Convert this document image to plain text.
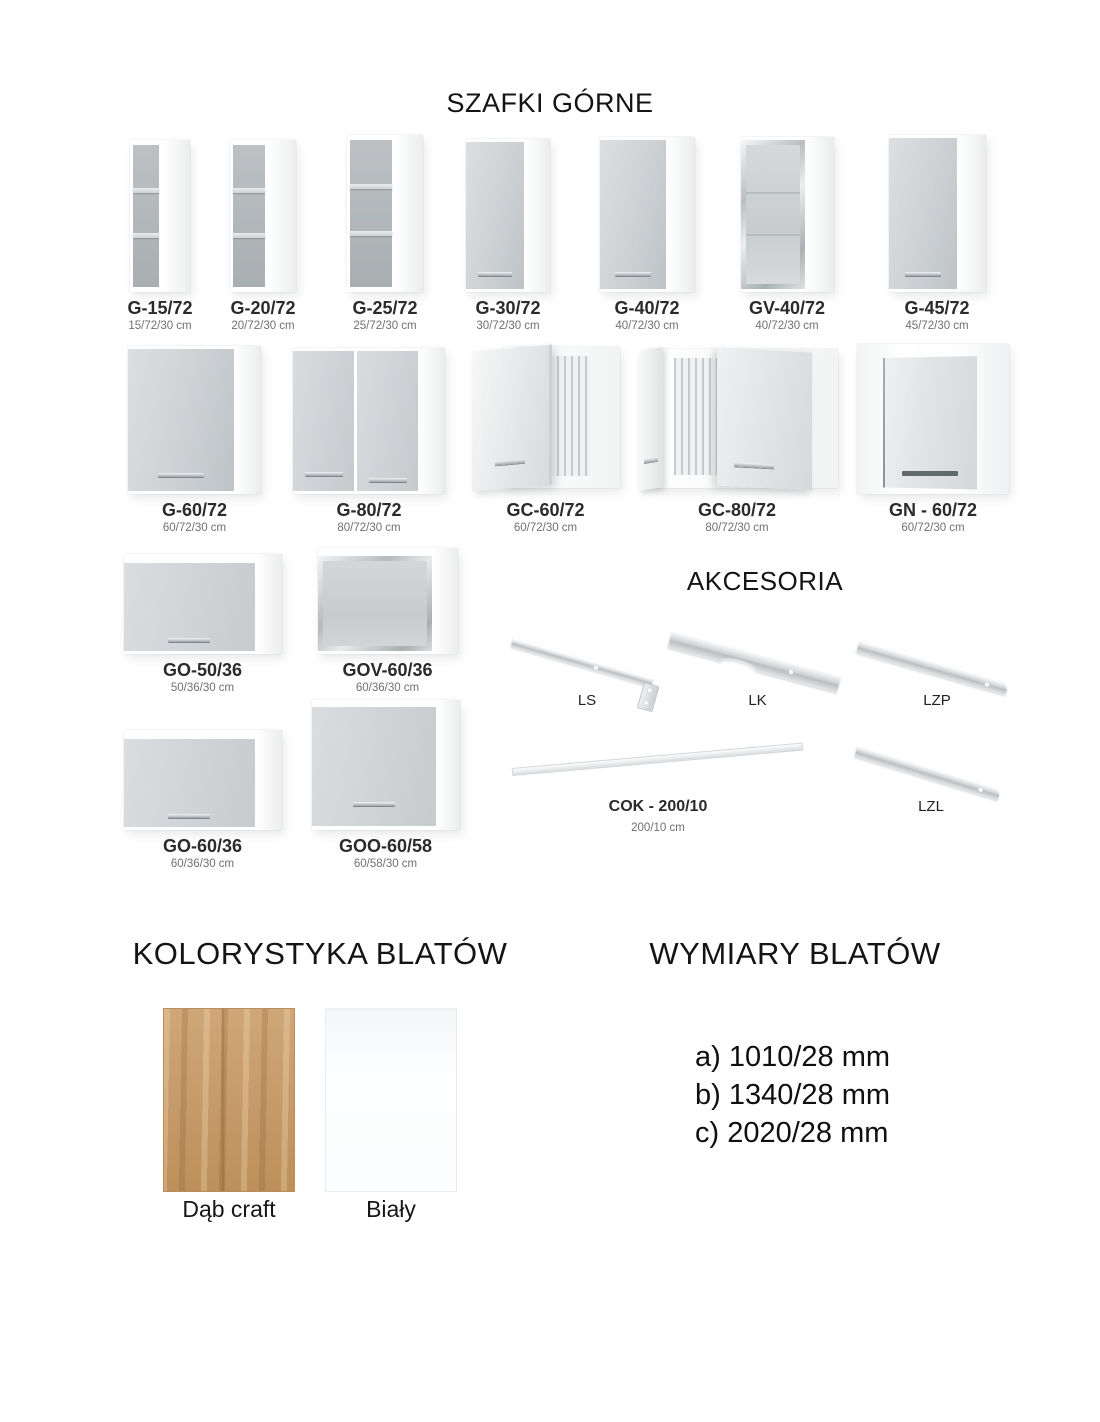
SZAFKI GÓRNE
G-15/72
15/72/30 cm
G-20/72
20/72/30 cm
G-25/72
25/72/30 cm
G-30/72
30/72/30 cm
G-40/72
40/72/30 cm
GV-40/72
40/72/30 cm
G-45/72
45/72/30 cm
G-60/72
60/72/30 cm
G-80/72
80/72/30 cm
GC-60/72
60/72/30 cm
GC-80/72
80/72/30 cm
GN - 60/72
60/72/30 cm
GO-50/36
50/36/30 cm
GOV-60/36
60/36/30 cm
GO-60/36
60/36/30 cm
GOO-60/58
60/58/30 cm
AKCESORIA
LS	LK	LZP
COK - 200/10
200/10 cm
LZL
KOLORYSTYKA BLATÓW	WYMIARY BLATÓW
Dąb craft	Biały
a) 1010/28 mm
b) 1340/28 mm
c) 2020/28 mm
